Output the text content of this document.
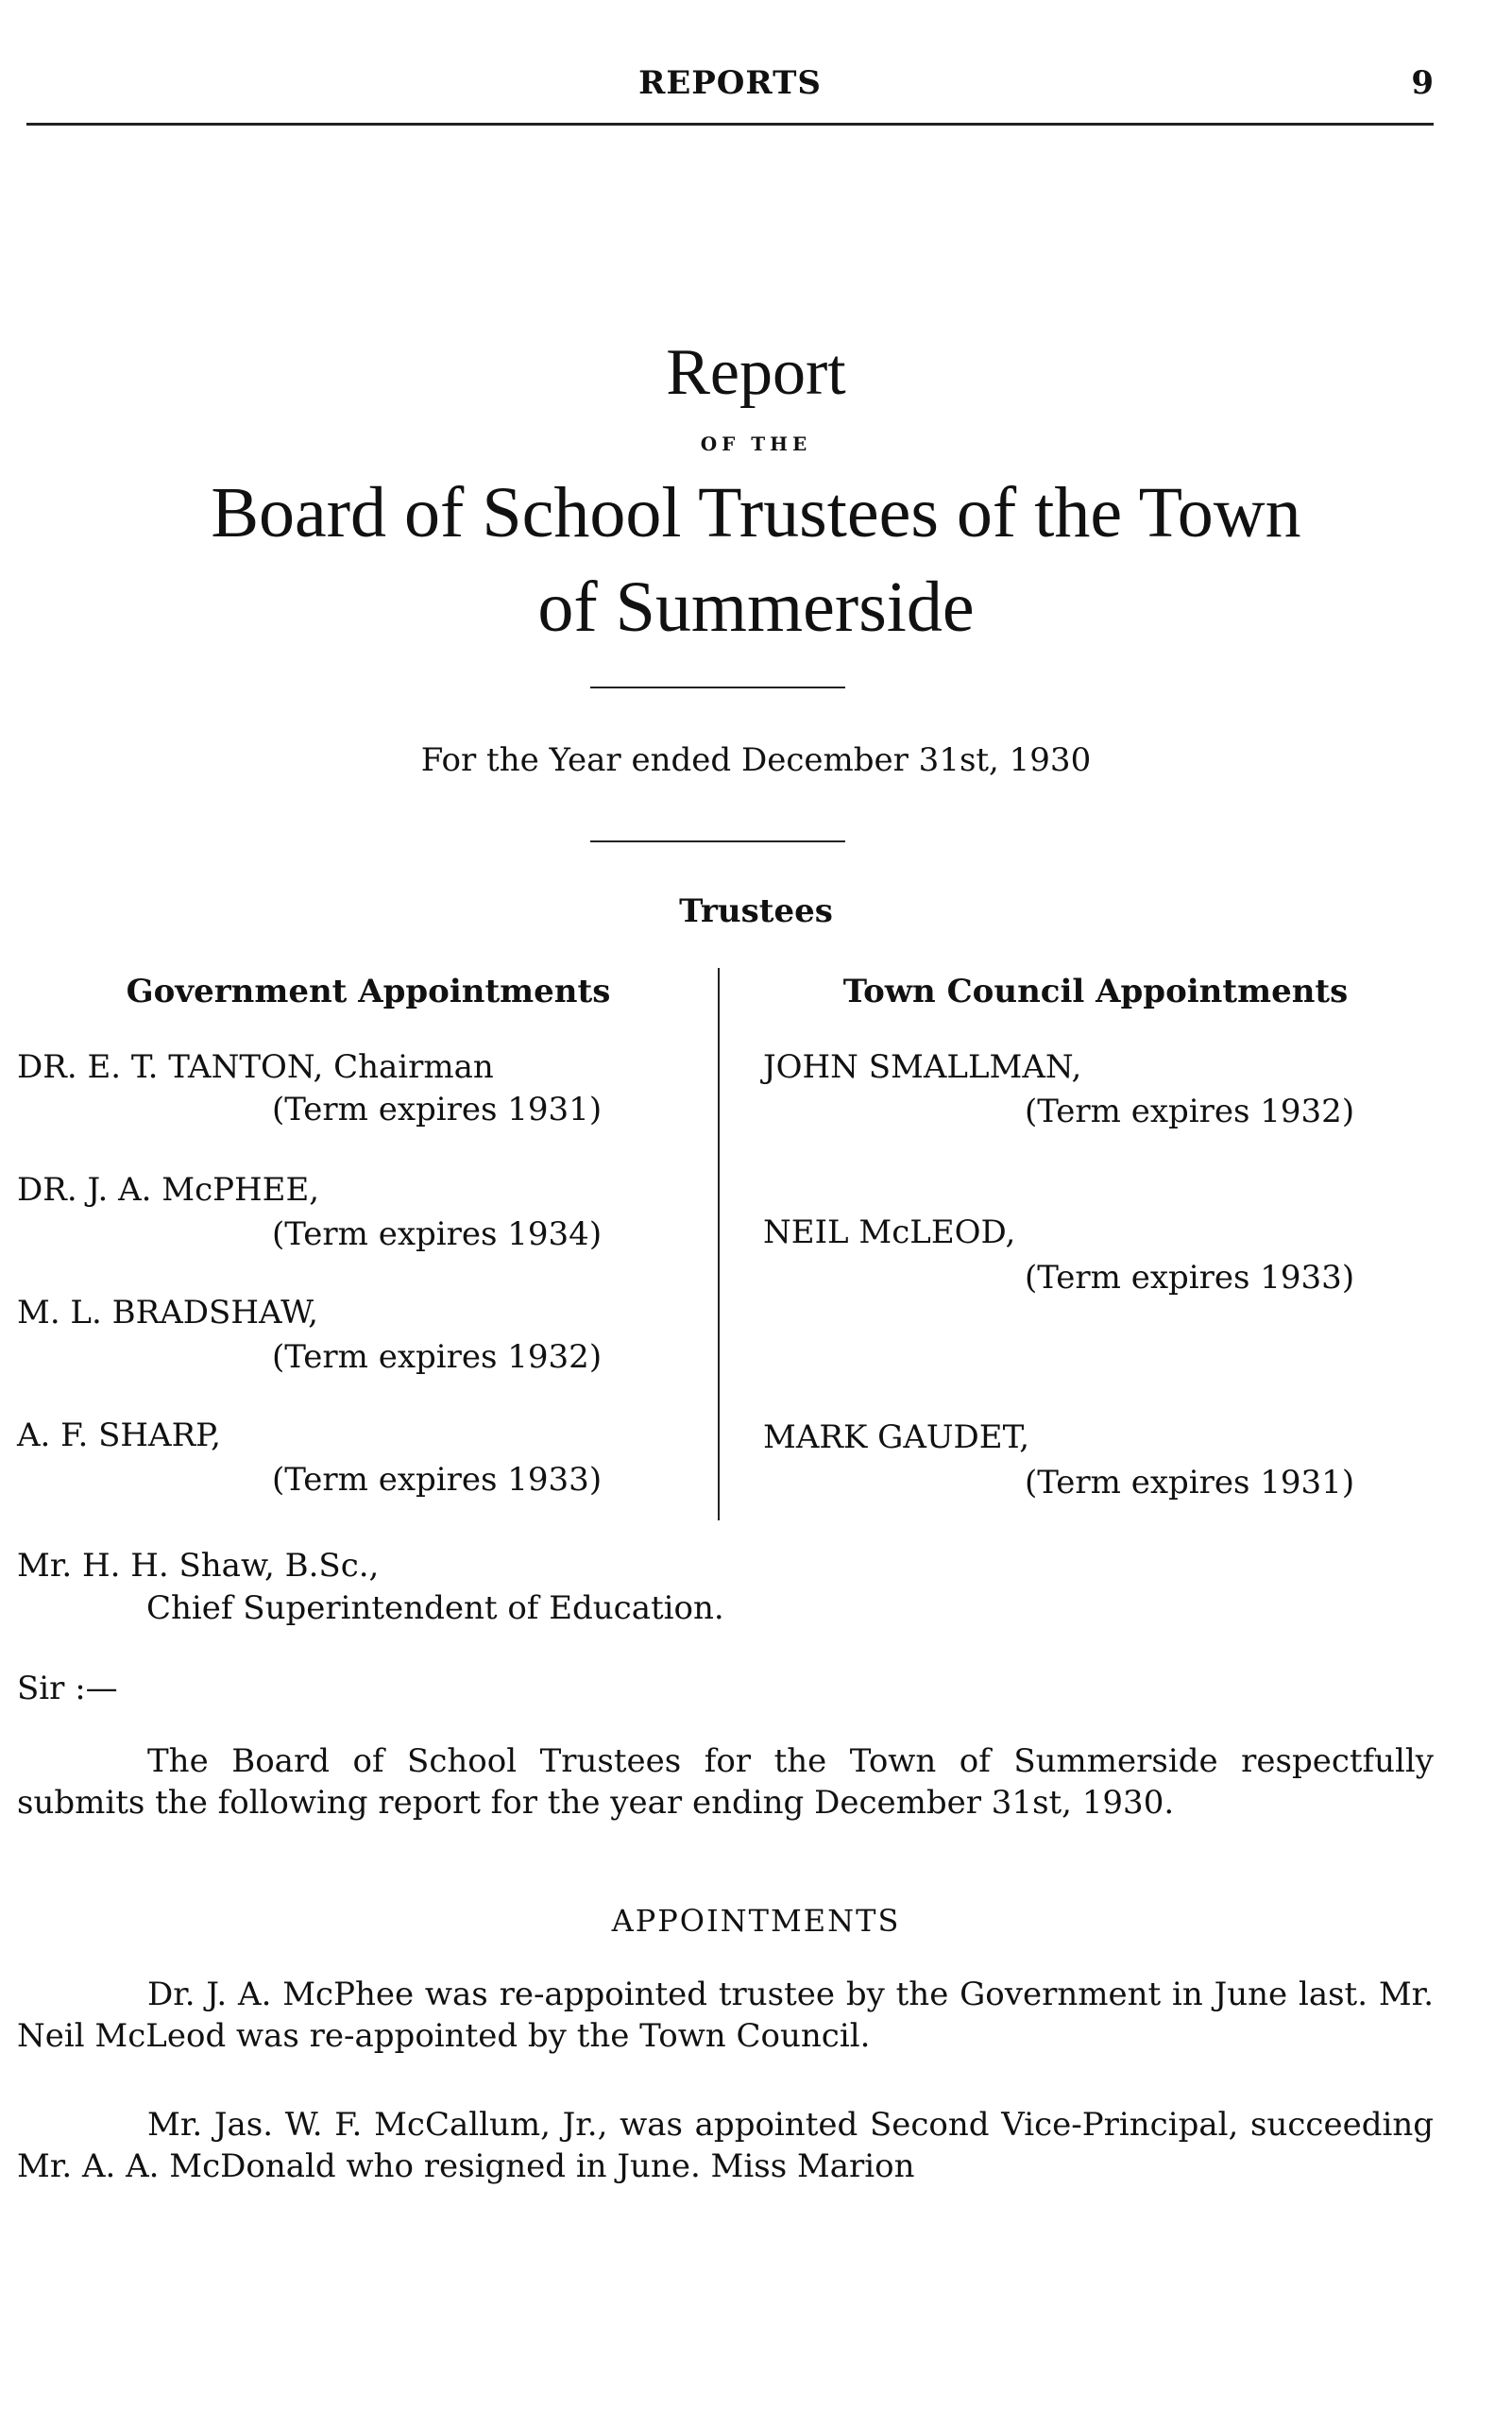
REPORTS	9
Report
OF THE
Board of School Trustees of the Town
of Summerside
For the Year ended December 31st, 1930
Trustees
Government Appointments	Town Council Appointments
DR. E. T. TANTON, Chairman
(Term expires 1931)
DR. J. A. McPHEE,
(Term expires 1934)
M. L. BRADSHAW,
(Term expires 1932)
A. F. SHARP,
(Term expires 1933)
JOHN SMALLMAN,
(Term expires 1932)
NEIL McLEOD,
(Term expires 1933)
MARK GAUDET,
(Term expires 1931)
Mr. H. H. Shaw, B.Sc.,
Chief Superintendent of Education.
Sir :—
The Board of School Trustees for the Town of Summerside respectfully submits the following report for the year ending December 31st, 1930.
APPOINTMENTS
Dr. J. A. McPhee was re-appointed trustee by the Government in June last. Mr. Neil McLeod was re-appointed by the Town Council.
Mr. Jas. W. F. McCallum, Jr., was appointed Second Vice-Principal, succeeding Mr. A. A. McDonald who resigned in June. Miss Marion
